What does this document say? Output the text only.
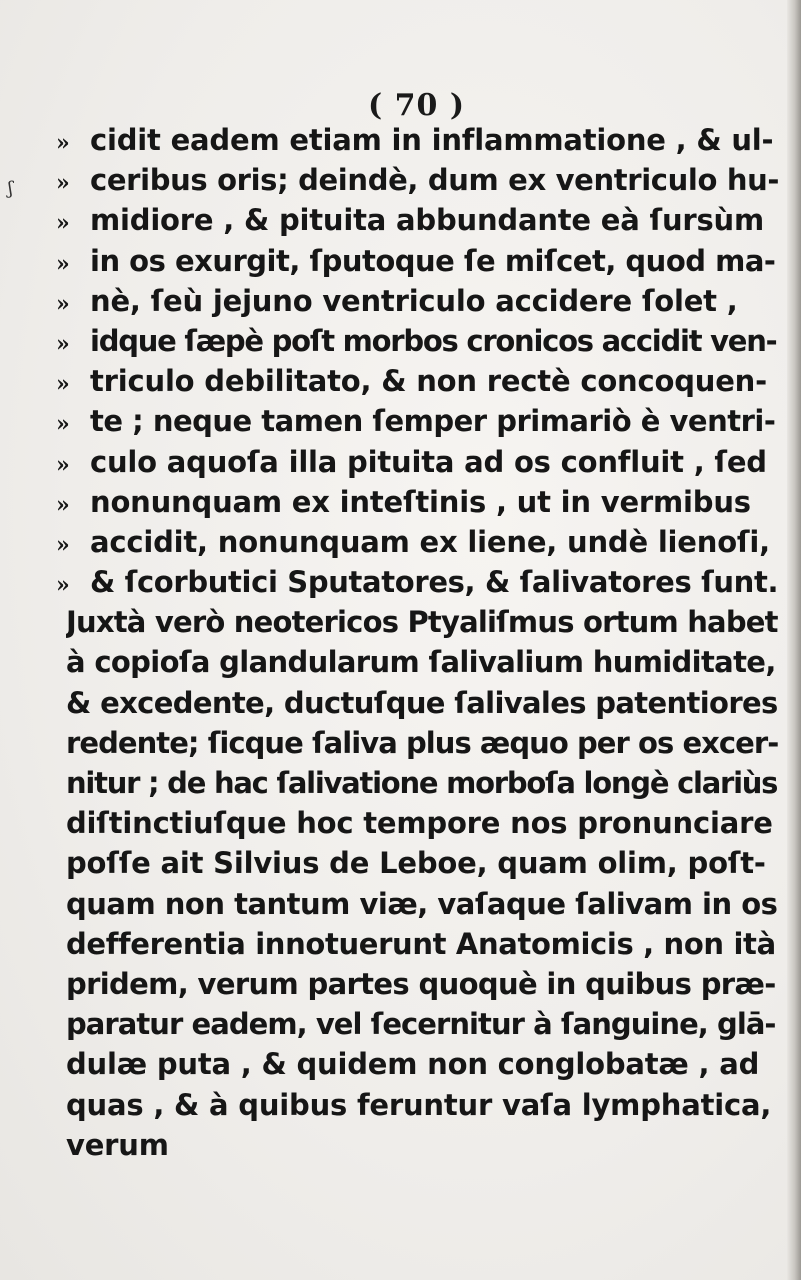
( 70 )
ʃ
» cidit eadem etiam in inflammatione , & ul-
» ceribus oris; deindè, dum ex ventriculo hu-
» midiore , & pituita abbundante eà ſursùm
» in os exurgit, ſputoque ſe miſcet, quod ma-
» nè, ſeù jejuno ventriculo accidere ſolet ,
» idque ſæpè poſt morbos cronicos accidit ven-
» triculo debilitato, & non rectè concoquen-
» te ; neque tamen ſemper primariò è ventri-
» culo aquoſa illa pituita ad os confluit , ſed
» nonunquam ex inteſtinis , ut in vermibus
» accidit, nonunquam ex liene, undè lienoſi,
» & ſcorbutici Sputatores, & ſalivatores ſunt.
Juxtà verò neotericos Ptyaliſmus ortum habet
à copioſa glandularum ſalivalium humiditate,
& excedente, ductuſque ſalivales patentiores
redente; ſicque ſaliva plus æquo per os excer-
nitur ; de hac ſalivatione morboſa longè clariùs
diſtinctiuſque hoc tempore nos pronunciare
poſſe ait Silvius de Leboe, quam olim, poſt-
quam non tantum viæ, vaſaque ſalivam in os
defferentia innotuerunt Anatomicis , non ità
pridem, verum partes quoquè in quibus præ-
paratur eadem, vel ſecernitur à ſanguine, glā-
dulæ puta , & quidem non conglobatæ , ad
quas , & à quibus feruntur vaſa lymphatica,
verum
